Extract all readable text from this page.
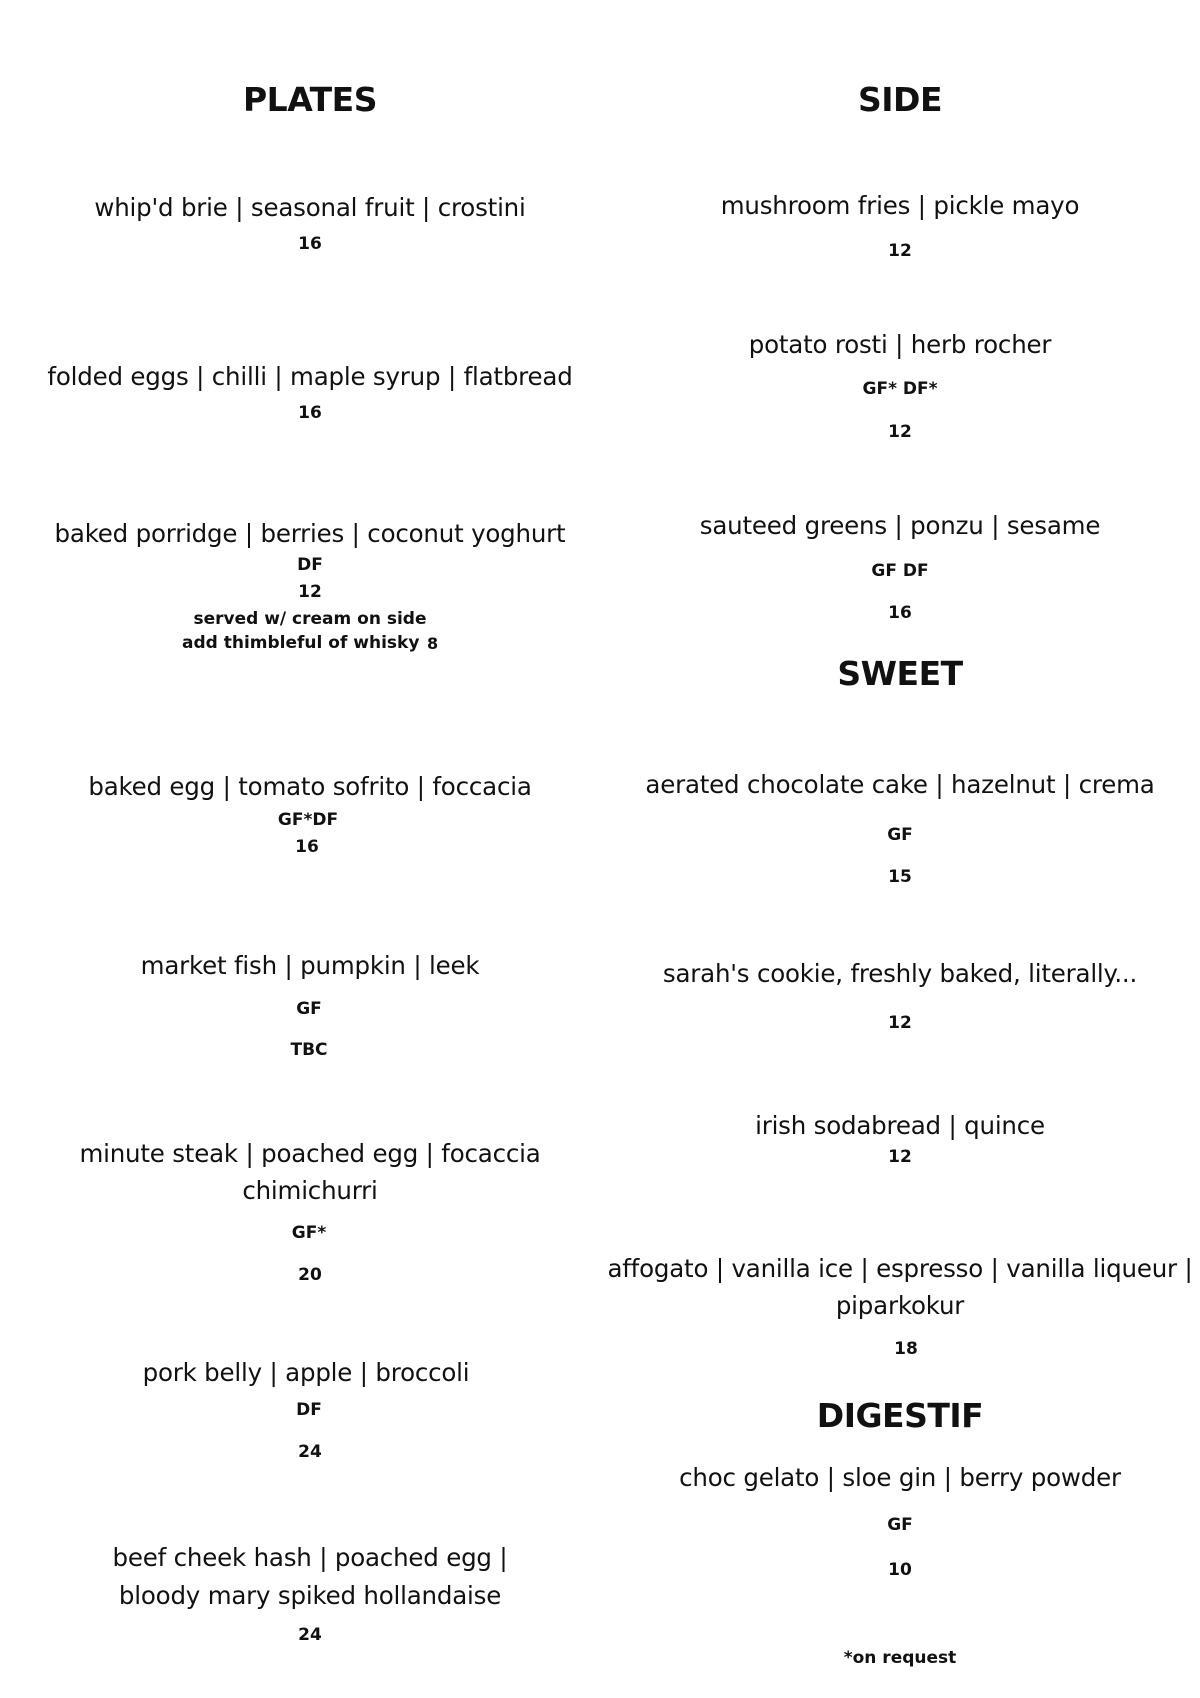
PLATES
whip'd brie | seasonal fruit | crostini
16
folded eggs | chilli | maple syrup | flatbread
16
baked porridge | berries | coconut yoghurt
DF
12
served w/ cream on side
add thimbleful of whisky 8
baked egg | tomato sofrito | foccacia
GF*DF
16
market fish | pumpkin | leek
GF
TBC
minute steak | poached egg | focaccia
chimichurri
GF*
20
pork belly | apple | broccoli
DF
24
beef cheek hash | poached egg |
bloody mary spiked hollandaise
24
SIDE
mushroom fries | pickle mayo
12
potato rosti | herb rocher
GF* DF*
12
sauteed greens | ponzu | sesame
GF DF
16
SWEET
aerated chocolate cake | hazelnut | crema
GF
15
sarah's cookie, freshly baked, literally...
12
irish sodabread | quince
12
affogato | vanilla ice | espresso | vanilla liqueur |
piparkokur
18
DIGESTIF
choc gelato | sloe gin | berry powder
GF
10
*on request
